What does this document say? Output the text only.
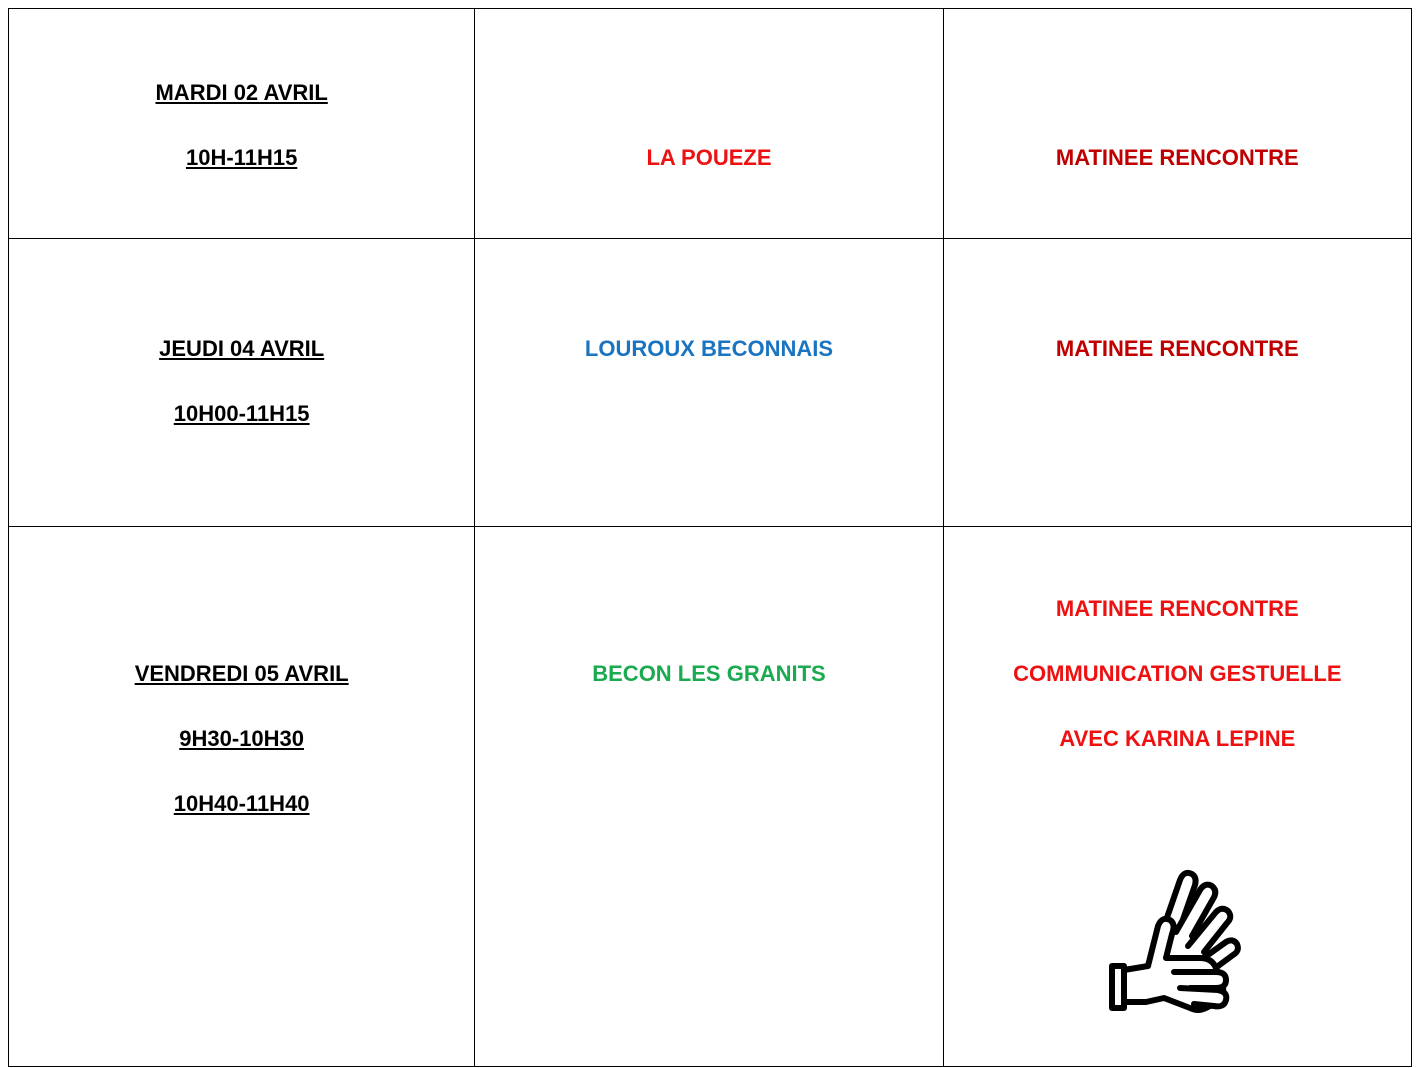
MARDI 02 AVRIL
10H-11H15	LA POUEZE	MATINEE RENCONTRE

JEUDI 04 AVRIL
10H00-11H15	LOUROUX BECONNAIS	MATINEE RENCONTRE

VENDREDI 05 AVRIL
9H30-10H30
10H40-11H40	BECON LES GRANITS	MATINEE RENCONTRE
COMMUNICATION GESTUELLE
AVEC KARINA LEPINE
